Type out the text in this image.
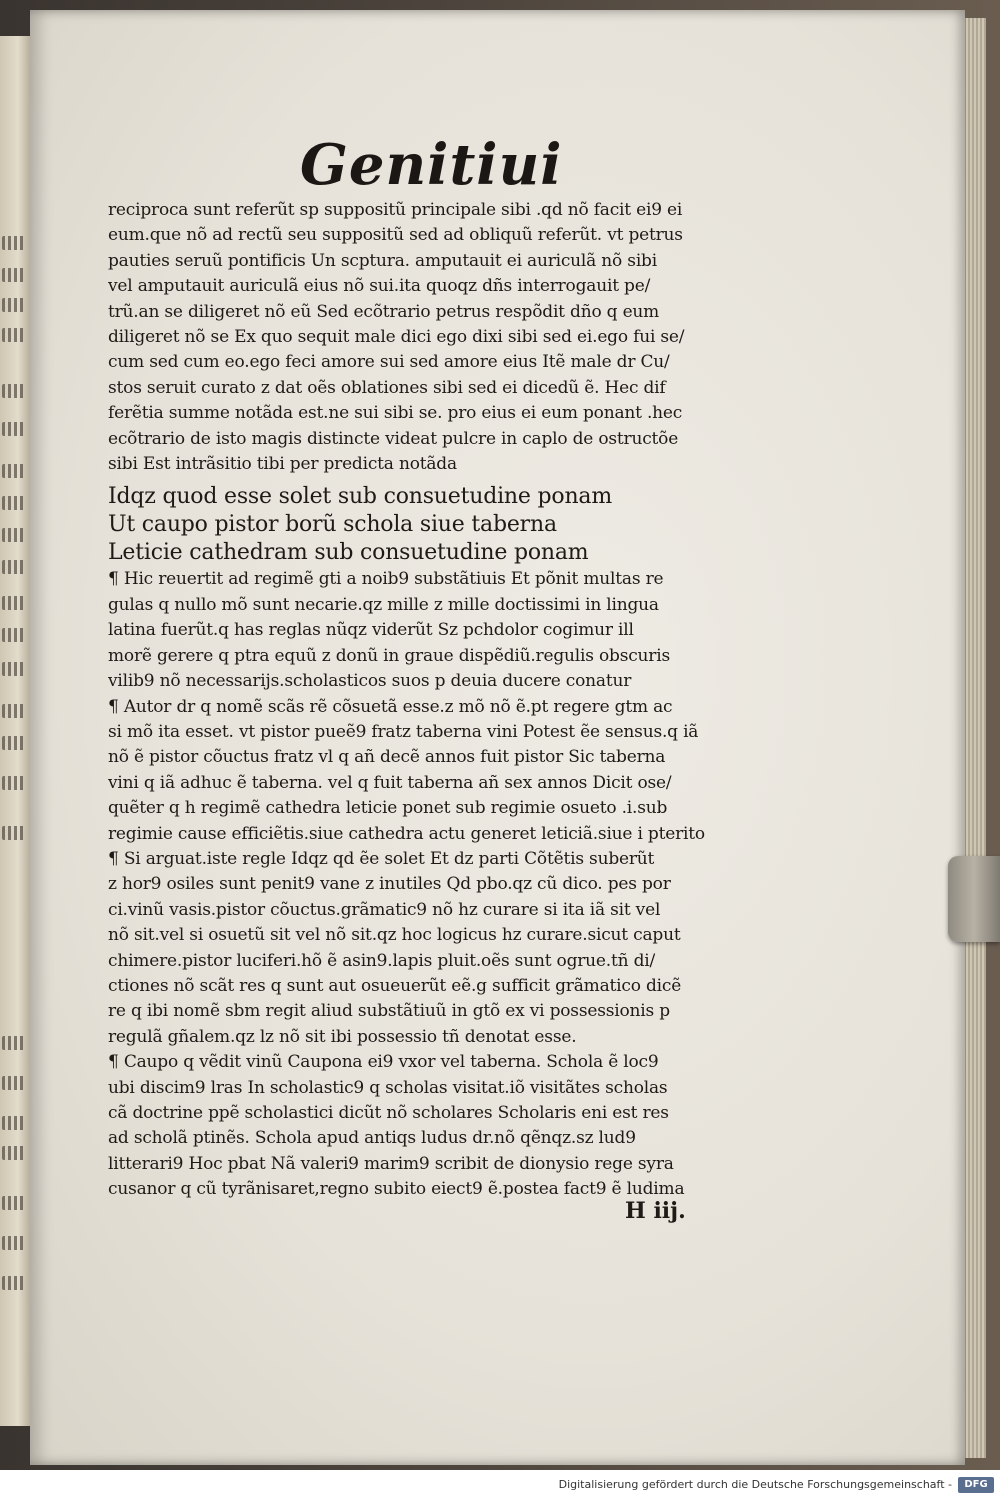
Genitiui

reciproca sunt referũt sp suppositũ principale sibi .qd nõ facit ei9 ei

eum.que nõ ad rectũ seu suppositũ sed ad obliquũ referũt. vt petrus

pauties seruũ pontificis Un scptura. amputauit ei auriculã nõ sibi

vel amputauit auriculã eius nõ sui.ita quoqz dñs interrogauit pe/

trũ.an se diligeret nõ eũ Sed ecõtrario petrus respõdit dño q eum

diligeret nõ se Ex quo sequit male dici ego dixi sibi sed ei.ego fui se/

cum sed cum eo.ego feci amore sui sed amore eius Itẽ male dr Cu/

stos seruit curato z dat oẽs oblationes sibi sed ei dicedũ ẽ. Hec dif

ferẽtia summe notãda est.ne sui sibi se. pro eius ei eum ponant .hec

ecõtrario de isto magis distincte videat pulcre in caplo de ostructõe

sibi Est intrãsitio tibi per predicta notãda

Idqz quod esse solet sub consuetudine ponam

Ut caupo pistor borũ schola siue taberna

Leticie cathedram sub consuetudine ponam

¶ Hic reuertit ad regimẽ gti a noib9 substãtiuis Et põnit multas re

gulas q nullo mõ sunt necarie.qz mille z mille doctissimi in lingua

latina fuerũt.q has reglas nũqz viderũt Sz pchdolor cogimur ill

morẽ gerere q ptra equũ z donũ in graue dispẽdiũ.regulis obscuris

vilib9 nõ necessarijs.scholasticos suos p deuia ducere conatur

¶ Autor dr q nomẽ scãs rẽ cõsuetã esse.z mõ nõ ẽ.pt regere gtm ac

si mõ ita esset. vt pistor pueẽ9 fratz taberna vini Potest ẽe sensus.q iã

nõ ẽ pistor cõuctus fratz vl q añ decẽ annos fuit pistor Sic taberna

vini q iã adhuc ẽ taberna. vel q fuit taberna añ sex annos Dicit ose/

quẽter q h regimẽ cathedra leticie ponet sub regimie osueto .i.sub

regimie cause efficiẽtis.siue cathedra actu generet leticiã.siue i pterito

¶ Si arguat.iste regle Idqz qd ẽe solet Et dz parti Cõtẽtis suberũt

z hor9 osiles sunt penit9 vane z inutiles Qd pbo.qz cũ dico. pes por

ci.vinũ vasis.pistor cõuctus.grãmatic9 nõ hz curare si ita iã sit vel

nõ sit.vel si osuetũ sit vel nõ sit.qz hoc logicus hz curare.sicut caput

chimere.pistor luciferi.hõ ẽ asin9.lapis pluit.oẽs sunt ogrue.tñ di/

ctiones nõ scãt res q sunt aut osueuerũt eẽ.g sufficit grãmatico dicẽ

re q ibi nomẽ sbm regit aliud substãtiuũ in gtõ ex vi possessionis p

regulã gñalem.qz lz nõ sit ibi possessio tñ denotat esse.

¶ Caupo q vẽdit vinũ Caupona ei9 vxor vel taberna. Schola ẽ loc9

ubi discim9 lras In scholastic9 q scholas visitat.iõ visitãtes scholas

cã doctrine ppẽ scholastici dicũt nõ scholares Scholaris eni est res

ad scholã ptinẽs. Schola apud antiqs ludus dr.nõ qẽnqz.sz lud9

litterari9 Hoc pbat Nã valeri9 marim9 scribit de dionysio rege syra

cusanor q cũ tyrãnisaret,regno subito eiect9 ẽ.postea fact9 ẽ ludima

H iij.

Digitalisierung gefördert durch die Deutsche Forschungsgemeinschaft -	DFG
